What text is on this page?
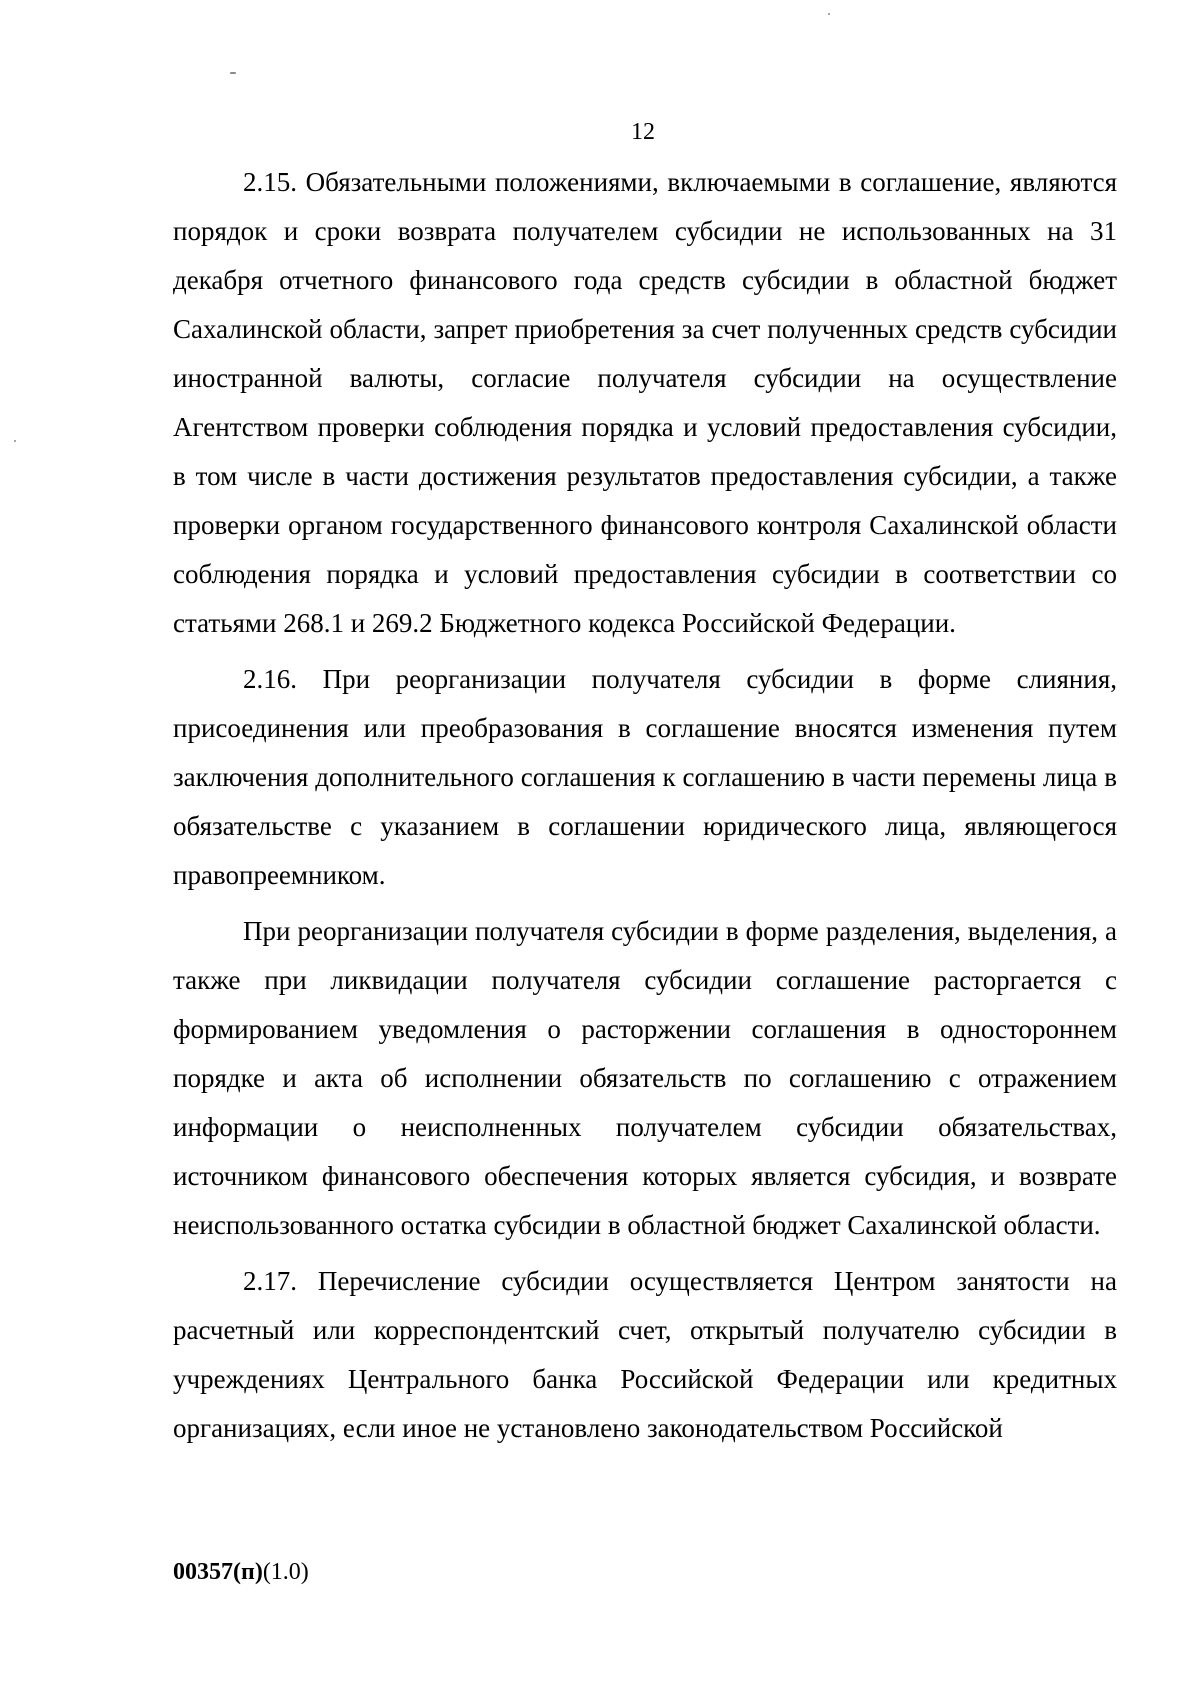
12

2.15. Обязательными положениями, включаемыми в соглашение, являются порядок и сроки возврата получателем субсидии не использованных на 31 декабря отчетного финансового года средств субсидии в областной бюджет Сахалинской области, запрет приобретения за счет полученных средств субсидии иностранной валюты, согласие получателя субсидии на осуществление Агентством проверки соблюдения порядка и условий предоставления субсидии, в том числе в части достижения результатов предоставления субсидии, а также проверки органом государственного финансового контроля Сахалинской области соблюдения порядка и условий предоставления субсидии в соответствии со статьями 268.1 и 269.2 Бюджетного кодекса Российской Федерации.

2.16. При реорганизации получателя субсидии в форме слияния, присоединения или преобразования в соглашение вносятся изменения путем заключения дополнительного соглашения к соглашению в части перемены лица в обязательстве с указанием в соглашении юридического лица, являющегося правопреемником.

При реорганизации получателя субсидии в форме разделения, выделения, а также при ликвидации получателя субсидии соглашение расторгается с формированием уведомления о расторжении соглашения в одностороннем порядке и акта об исполнении обязательств по соглашению с отражением информации о неисполненных получателем субсидии обязательствах, источником финансового обеспечения которых является субсидия, и возврате неиспользованного остатка субсидии в областной бюджет Сахалинской области.

2.17. Перечисление субсидии осуществляется Центром занятости на расчетный или корреспондентский счет, открытый получателю субсидии в учреждениях Центрального банка Российской Федерации или кредитных организациях, если иное не установлено законодательством Российской

00357(п)(1.0)
